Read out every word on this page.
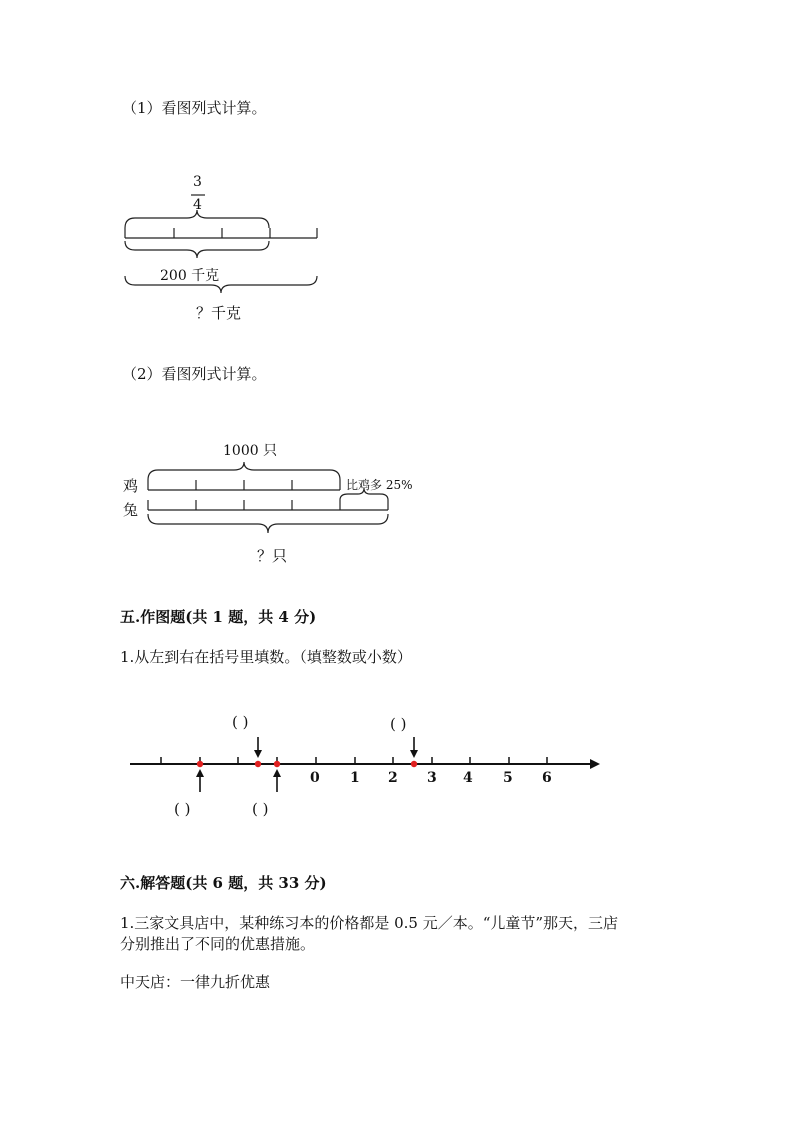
（1）看图列式计算。
3
4
200 千克
？千克
（2）看图列式计算。
1000 只
鸡
兔
比鸡多 25%
？只
五.作图题(共 1 题，共 4 分)
1.从左到右在括号里填数。（填整数或小数）
( )	( )
( )	( )
0 1 2 3 4 5 6
六.解答题(共 6 题，共 33 分)
1.三家文具店中，某种练习本的价格都是 0.5 元／本。“儿童节”那天，三店
分别推出了不同的优惠措施。
中天店：一律九折优惠
